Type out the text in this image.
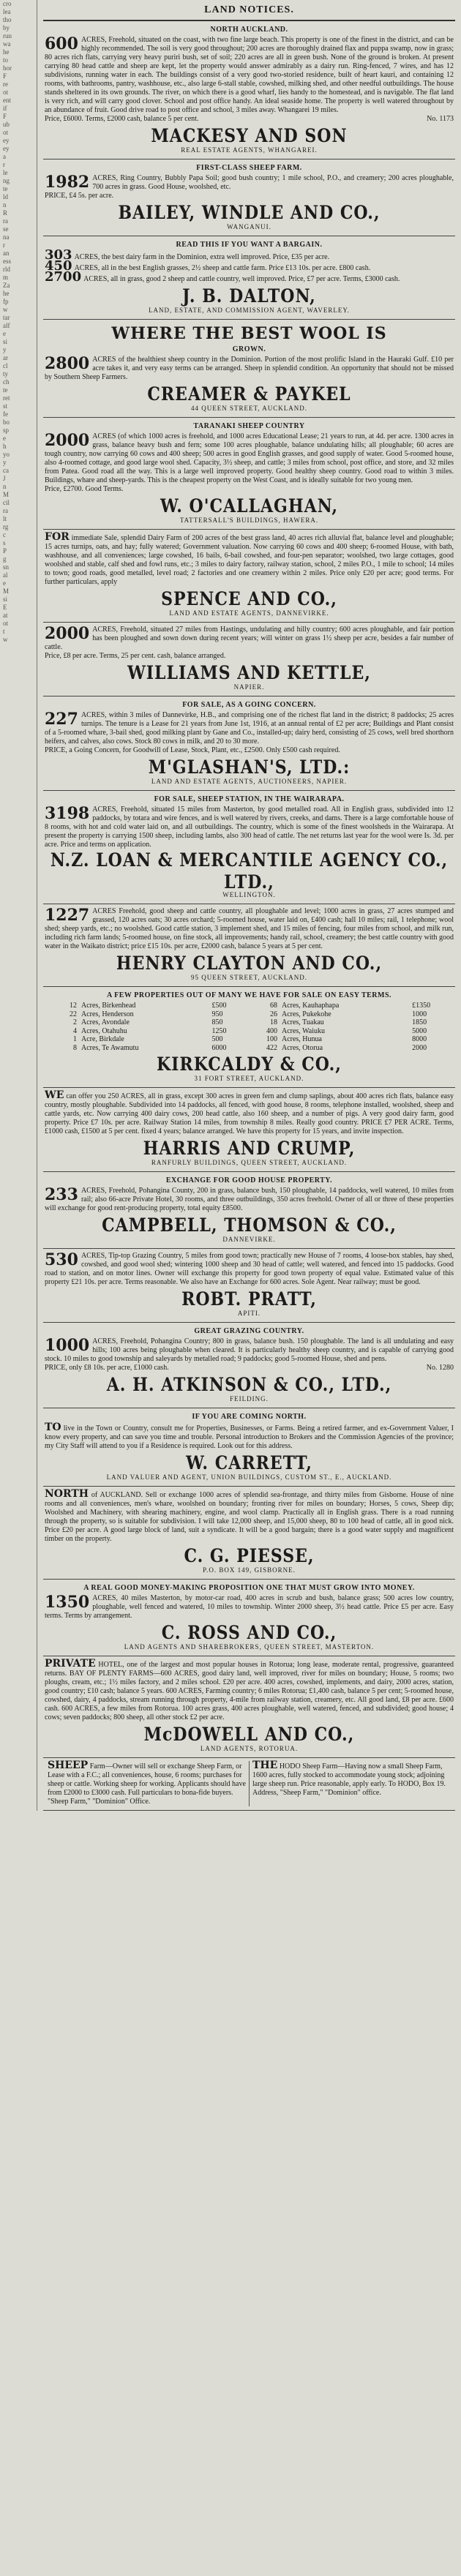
cro
lea
tho
by
run
wa
he
to
hor
F
re
ot
ent
if
F
ub
ot
ey
ey
a
r
le
ng
te
ld
n
R
ra
se
na
r
an
ess
rld
m
Za
he
fp
w
tar
alf
e
si
y
ar
cl
ty
ch
te
ret
st
fe
bo
sp
e
h
yo
y
ca
J
n
M
cil
ra
lt
rg
c
s
P
g
sn
al
e
M
si
E
at
ot
t
w
LAND NOTICES.
NORTH AUCKLAND.
600 ACRES, Freehold, situated on the coast, with two fine large beach. This property is one of the finest in the district, and can be highly recommended. The soil is very good throughout; 200 acres are thoroughly drained flax and puppa swamp, now in grass; 80 acres rich flats, carrying very heavy puriri bush, set of soil; 220 acres are all in green bush. None of the ground is broken. At present carrying 80 head cattle and sheep are kept, let the property would answer admirably as a dairy run. Ring-fenced, 7 wires, and has 12 subdivisions, running water in each. The buildings consist of a very good two-storied residence, built of heart kauri, and containing 12 rooms, with bathrooms, pantry, washhouse, etc., also large 6-stall stable, cowshed, milking shed, and other needful outbuildings. The house stands sheltered in its own grounds. The river, on which there is a good wharf, lies handy to the homestead, and is navigable. The flat land is very rich, and will carry good clover. School and post office handy. An ideal seaside home. The property is well watered throughout by an abundance of fruit. Good drive road to post office and school, 3 miles away. Whangarei 19 miles.
No. 1173
Price, £6000. Terms, £2000 cash, balance 5 per cent.
MACKESY AND SON
REAL ESTATE AGENTS, WHANGAREI.
FIRST-CLASS SHEEP FARM.
1982 ACRES, Ring Country, Bubbly Papa Soil; good bush country; 1 mile school, P.O., and creamery; 200 acres ploughable, 700 acres in grass. Good House, woolshed, etc.
PRICE, £4 5s. per acre.
BAILEY, WINDLE AND CO.,
WANGANUI.
READ THIS IF YOU WANT A BARGAIN.
303 ACRES, the best dairy farm in the Dominion, extra well improved. Price, £35 per acre.
450 ACRES, all in the best English grasses, 2½ sheep and cattle farm. Price £13 10s. per acre. £800 cash.
2700 ACRES, all in grass, good 2 sheep and cattle country, well improved. Price, £7 per acre. Terms, £3000 cash.
J. B. DALTON,
LAND, ESTATE, AND COMMISSION AGENT, WAVERLEY.
WHERE THE BEST WOOL IS
GROWN.
2800 ACRES of the healthiest sheep country in the Dominion. Portion of the most prolific Island in the Hauraki Gulf. £10 per acre takes it, and very easy terms can be arranged. Sheep in splendid condition. An opportunity that should not be missed by Southern Sheep Farmers.
CREAMER & PAYKEL
44 QUEEN STREET, AUCKLAND.
TARANAKI SHEEP COUNTRY
2000 ACRES (of which 1000 acres is freehold, and 1000 acres Educational Lease; 21 years to run, at 4d. per acre. 1300 acres in grass, balance heavy bush and fern; some 100 acres ploughable, balance undulating hills; all ploughable; 60 acres are tough country, now carrying 60 cows and 400 sheep; 500 acres in good English grasses, and good supply of water. Good 5-roomed house, also 4-roomed cottage, and good large wool shed. Capacity, 3½ sheep, and cattle; 3 miles from school, post office, and store, and 32 miles from Patea. Good road all the way. This is a large well improved property. Good healthy sheep country. Good road to within 3 miles. Buildings, whare and sheep-yards. This is the cheapest property on the West Coast, and is ideally suitable for two young men.
Price, £2700. Good Terms.
W. O'CALLAGHAN,
TATTERSALL'S BUILDINGS, HAWERA.
FOR immediate Sale, splendid Dairy Farm of 200 acres of the best grass land, 40 acres rich alluvial flat, balance level and ploughable; 15 acres turnips, oats, and hay; fully watered; Government valuation. Now carrying 60 cows and 400 sheep; 6-roomed House, with bath, washhouse, and all conveniences; large cowshed, 16 bails, 6-bail cowshed, and four-pen separator; woolshed, two large cottages, good woolshed and stable, calf shed and fowl runs, etc.; 3 miles to dairy factory, railway station, school, 2 miles P.O., 1 mile to school; 14 miles to town; good roads, good metalled, level road; 2 factories and one creamery within 2 miles. Price only £20 per acre; good terms. For further particulars, apply
SPENCE AND CO.,
LAND AND ESTATE AGENTS, DANNEVIRKE.
2000 ACRES, Freehold, situated 27 miles from Hastings, undulating and hilly country; 600 acres ploughable, and fair portion has been ploughed and sown down during recent years; will winter on grass 1½ sheep per acre, besides a fair number of cattle.
Price, £8 per acre. Terms, 25 per cent. cash, balance arranged.
WILLIAMS AND KETTLE,
NAPIER.
FOR SALE, AS A GOING CONCERN.
227 ACRES, within 3 miles of Dannevirke, H.B., and comprising one of the richest flat land in the district; 8 paddocks; 25 acres turnips. The tenure is a Lease for 21 years from June 1st, 1916, at an annual rental of £2 per acre; Buildings and Plant consist of a 5-roomed whare, 3-bail shed, good milking plant by Gane and Co., installed-up; dairy herd, consisting of 25 cows, well bred shorthorn heifers, and calves, also cows. Stock 80 cows in milk, and 20 to 30 more.
PRICE, a Going Concern, for Goodwill of Lease, Stock, Plant, etc., £2500. Only £500 cash required.
M'GLASHAN'S, LTD.:
LAND AND ESTATE AGENTS, AUCTIONEERS, NAPIER.
FOR SALE, SHEEP STATION, IN THE WAIRARAPA.
3198 ACRES, Freehold, situated 15 miles from Masterton, by good metalled road. All in English grass, subdivided into 12 paddocks, by totara and wire fences, and is well watered by rivers, creeks, and dams. There is a large comfortable house of 8 rooms, with hot and cold water laid on, and all outbuildings. The country, which is some of the finest woolsheds in the Wairarapa. At present the property is carrying 1500 sheep, including lambs, also 300 head of cattle. The net returns last year for the wool were Is. 3d. per acre. Price and terms on application.
N.Z. LOAN & MERCANTILE AGENCY CO., LTD.,
WELLINGTON.
1227 ACRES Freehold, good sheep and cattle country, all ploughable and level; 1000 acres in grass, 27 acres stumped and grassed, 120 acres oats; 30 acres orchard; 5-roomed house, water laid on, £400 cash; hall 10 miles; rail, 1 telephone; wool shed; sheep yards, etc.; no woolshed. Good cattle station, 3 implement shed, and 15 miles of fencing, four miles from school, and milk run, including rich farm lands; 5-roomed house, on fine stock, all improvements; handy rail, school, creamery; the best cattle country with good water in the Waikato district; price £15 10s. per acre, £2000 cash, balance 5 years at 5 per cent.
HENRY CLAYTON AND CO.,
95 QUEEN STREET, AUCKLAND.
A FEW PROPERTIES OUT OF MANY WE HAVE FOR SALE ON EASY TERMS.
12	Acres, Birkenhead	£500	68	Acres, Kauhaphapa	£1350
22	Acres, Henderson	950	26	Acres, Pukekohe	1000
2	Acres, Avondale	850	18	Acres, Tuakau	1850
4	Acres, Otahuhu	1250	400	Acres, Waiuku	5000
1	Acre, Birkdale	500	100	Acres, Hunua	8000
8	Acres, Te Awamutu	6000	422	Acres, Otorua	2000
KIRKCALDY & CO.,
31 FORT STREET, AUCKLAND.
WE can offer you 250 ACRES, all in grass, except 300 acres in green fern and clump saplings, about 400 acres rich flats, balance easy country, mostly ploughable. Subdivided into 14 paddocks, all fenced, with good house, 8 rooms, telephone installed, woolshed, sheep and cattle yards, etc. Now carrying 400 dairy cows, 200 head cattle, also 160 sheep, and a number of pigs. A very good dairy farm, good property. Price £7 10s. per acre. Railway Station 14 miles, from township 8 miles. Really good country. PRICE £7 PER ACRE. Terms, £1000 cash, £1500 at 5 per cent. fixed 4 years; balance arranged. We have this property for 15 years, and invite inspection.
HARRIS AND CRUMP,
RANFURLY BUILDINGS, QUEEN STREET, AUCKLAND.
EXCHANGE FOR GOOD HOUSE PROPERTY.
233 ACRES, Freehold, Pohangina County, 200 in grass, balance bush, 150 ploughable, 14 paddocks, well watered, 10 miles from rail; also 66-acre Private Hotel, 30 rooms, and three outbuildings, 350 acres freehold. Owner of all or three of these properties will exchange for good rent-producing property, total equity £8500.
CAMPBELL, THOMSON & CO.,
DANNEVIRKE.
530 ACRES, Tip-top Grazing Country, 5 miles from good town; practically new House of 7 rooms, 4 loose-box stables, hay shed, cowshed, and good wool shed; wintering 1000 sheep and 30 head of cattle; well watered, and fenced into 15 paddocks. Good road to station, and on motor lines. Owner will exchange this property for good town property of equal value. Estimated value of this property £21 10s. per acre. Terms reasonable. We also have an Exchange for 600 acres. Sole Agent. Near railway; must be good.
ROBT. PRATT,
APITI.
GREAT GRAZING COUNTRY.
1000 ACRES, Freehold, Pohangina Country; 800 in grass, balance bush. 150 ploughable. The land is all undulating and easy hills; 100 acres being ploughable when cleared. It is particularly healthy sheep country, and is capable of carrying good stock. 10 miles to good township and saleyards by metalled road; 9 paddocks; good 5-roomed House, shed and pens.
No. 1280
PRICE, only £8 10s. per acre, £1000 cash.
A. H. ATKINSON & CO., LTD.,
FEILDING.
IF YOU ARE COMING NORTH.
TO live in the Town or Country, consult me for Properties, Businesses, or Farms. Being a retired farmer, and ex-Government Valuer, I know every property, and can save you time and trouble. Personal introduction to Brokers and the Commission Agencies of the province; my City Staff will attend to you if a Residence is required. Look out for this address.
W. CARRETT,
LAND VALUER AND AGENT, UNION BUILDINGS, CUSTOM ST., E., AUCKLAND.
NORTH of AUCKLAND. Sell or exchange 1000 acres of splendid sea-frontage, and thirty miles from Gisborne. House of nine rooms and all conveniences, men's whare, woolshed on boundary; fronting river for miles on boundary; Horses, 5 cows, Sheep dip; Woolshed and Machinery, with shearing machinery, engine, and wool clamp. Practically all in English grass. There is a road running through the property, so is suitable for subdivision. I will take 12,000 sheep, and 15,000 sheep, 80 to 100 head of cattle, all in good nick. Price £20 per acre. A good large block of land, suit a syndicate. It will be a good bargain; there is a good water supply and magnificent timber on the property.
C. G. PIESSE,
P.O. BOX 149, GISBORNE.
A REAL GOOD MONEY-MAKING PROPOSITION ONE THAT MUST GROW INTO MONEY.
1350 ACRES, 40 miles Masterton, by motor-car road, 400 acres in scrub and bush, balance grass; 500 acres low country, ploughable, well fenced and watered, 10 miles to township. Winter 2000 sheep, 3½ head cattle. Price £5 per acre. Easy terms. Terms by arrangement.
C. ROSS AND CO.,
LAND AGENTS AND SHAREBROKERS, QUEEN STREET, MASTERTON.
PRIVATE HOTEL, one of the largest and most popular houses in Rotorua; long lease, moderate rental, progressive, guaranteed returns. BAY OF PLENTY FARMS—600 ACRES, good dairy land, well improved, river for miles on boundary; House, 5 rooms; two ploughs, cream, etc.; 1½ miles factory, and 2 miles school. £20 per acre. 400 acres, cowshed, implements, and dairy, 2000 acres, station, good country; £10 cash; balance 5 years. 600 ACRES, Farming country; 6 miles Rotorua; £1,400 cash, balance 5 per cent; 5-roomed house, cowshed, dairy, 4 paddocks, stream running through property, 4-mile from railway station, creamery, etc. All good land, £8 per acre. £600 cash. 600 ACRES, a few miles from Rotorua. 100 acres grass, 400 acres ploughable, well watered, fenced, and subdivided; good house; 4 cows; seven paddocks; 800 sheep, all other stock £2 per acre.
McDOWELL AND CO.,
LAND AGENTS, ROTORUA.
SHEEP Farm—Owner will sell or exchange Sheep Farm, or Lease with a F.C.; all conveniences, house, 6 rooms; purchases for sheep or cattle. Working sheep for working. Applicants should have from £2000 to £3000 cash. Full particulars to bona-fide buyers. "Sheep Farm," "Dominion" Office.
THE HODO Sheep Farm—Having now a small Sheep Farm, 1600 acres, fully stocked to accommodate young stock; adjoining large sheep run. Price reasonable, apply early. To HODO, Box 19. Address, "Sheep Farm," "Dominion" office.
